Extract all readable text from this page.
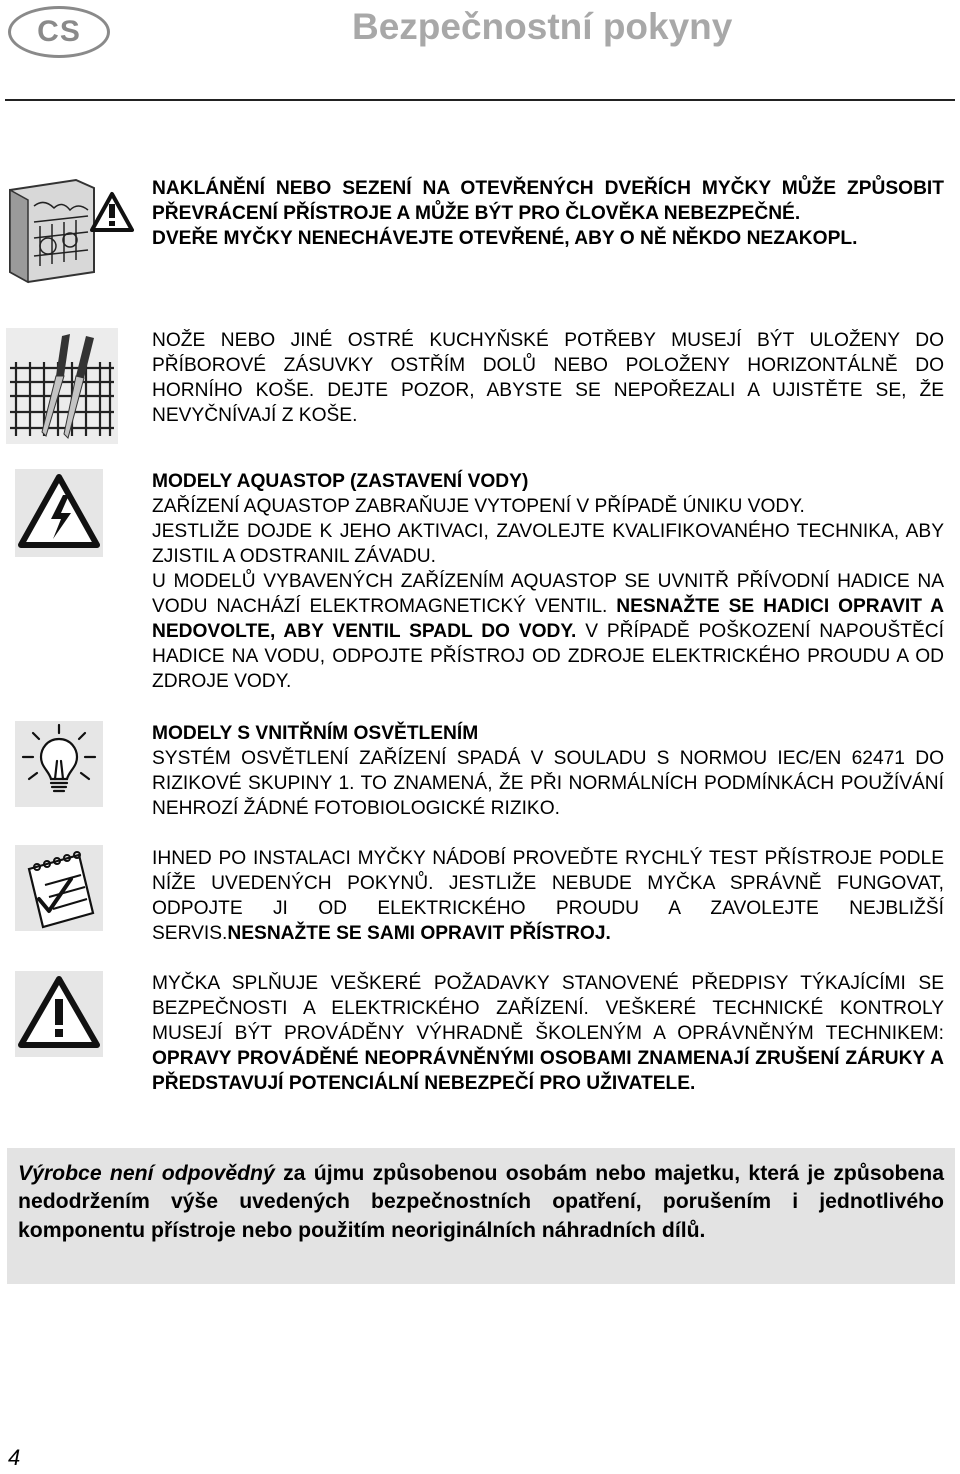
CS	Bezpečnostní pokyny

NAKLÁNĚNÍ NEBO SEZENÍ NA OTEVŘENÝCH DVEŘÍCH MYČKY MŮŽE ZPŮSOBIT PŘEVRÁCENÍ PŘÍSTROJE A MŮŽE BÝT PRO ČLOVĚKA NEBEZPEČNÉ.

DVEŘE MYČKY NENECHÁVEJTE OTEVŘENÉ, ABY O NĚ NĚKDO NEZAKOPL.

NOŽE NEBO JINÉ OSTRÉ KUCHYŇSKÉ POTŘEBY MUSEJÍ BÝT ULOŽENY DO PŘÍBOROVÉ ZÁSUVKY OSTŘÍM DOLŮ NEBO POLOŽENY HORIZONTÁLNĚ DO HORNÍHO KOŠE. DEJTE POZOR, ABYSTE SE NEPOŘEZALI A UJISTĚTE SE, ŽE NEVYČNÍVAJÍ Z KOŠE.

MODELY AQUASTOP (ZASTAVENÍ VODY)

ZAŘÍZENÍ AQUASTOP ZABRAŇUJE VYTOPENÍ V PŘÍPADĚ ÚNIKU VODY.

JESTLIŽE DOJDE K JEHO AKTIVACI, ZAVOLEJTE KVALIFIKOVANÉHO TECHNIKA, ABY ZJISTIL A ODSTRANIL ZÁVADU.

U MODELŮ VYBAVENÝCH ZAŘÍZENÍM AQUASTOP SE UVNITŘ PŘÍVODNÍ HADICE NA VODU NACHÁZÍ ELEKTROMAGNETICKÝ VENTIL. NESNAŽTE SE HADICI OPRAVIT A NEDOVOLTE, ABY VENTIL SPADL DO VODY. V PŘÍPADĚ POŠKOZENÍ NAPOUŠTĚCÍ HADICE NA VODU, ODPOJTE PŘÍSTROJ OD ZDROJE ELEKTRICKÉHO PROUDU A OD ZDROJE VODY.

MODELY S VNITŘNÍM OSVĚTLENÍM

SYSTÉM OSVĚTLENÍ ZAŘÍZENÍ SPADÁ V SOULADU S NORMOU IEC/EN 62471 DO RIZIKOVÉ SKUPINY 1. TO ZNAMENÁ, ŽE PŘI NORMÁLNÍCH PODMÍNKÁCH POUŽÍVÁNÍ NEHROZÍ ŽÁDNÉ FOTOBIOLOGICKÉ RIZIKO.

IHNED PO INSTALACI MYČKY NÁDOBÍ PROVEĎTE RYCHLÝ TEST PŘÍSTROJE PODLE NÍŽE UVEDENÝCH POKYNŮ. JESTLIŽE NEBUDE MYČKA SPRÁVNĚ FUNGOVAT, ODPOJTE JI OD ELEKTRICKÉHO PROUDU A ZAVOLEJTE NEJBLIŽŠÍ SERVIS.NESNAŽTE SE SAMI OPRAVIT PŘÍSTROJ.

MYČKA SPLŇUJE VEŠKERÉ POŽADAVKY STANOVENÉ PŘEDPISY TÝKAJÍCÍMI SE BEZPEČNOSTI A ELEKTRICKÉHO ZAŘÍZENÍ. VEŠKERÉ TECHNICKÉ KONTROLY MUSEJÍ BÝT PROVÁDĚNY VÝHRADNĚ ŠKOLENÝM A OPRÁVNĚNÝM TECHNIKEM: OPRAVY PROVÁDĚNÉ NEOPRÁVNĚNÝMI OSOBAMI ZNAMENAJÍ ZRUŠENÍ ZÁRUKY A PŘEDSTAVUJÍ POTENCIÁLNÍ NEBEZPEČÍ PRO UŽIVATELE.

Výrobce není odpovědný za újmu způsobenou osobám nebo majetku, která je způsobena nedodržením výše uvedených bezpečnostních opatření, porušením i jednotlivého komponentu přístroje nebo použitím neoriginálních náhradních dílů.

4
